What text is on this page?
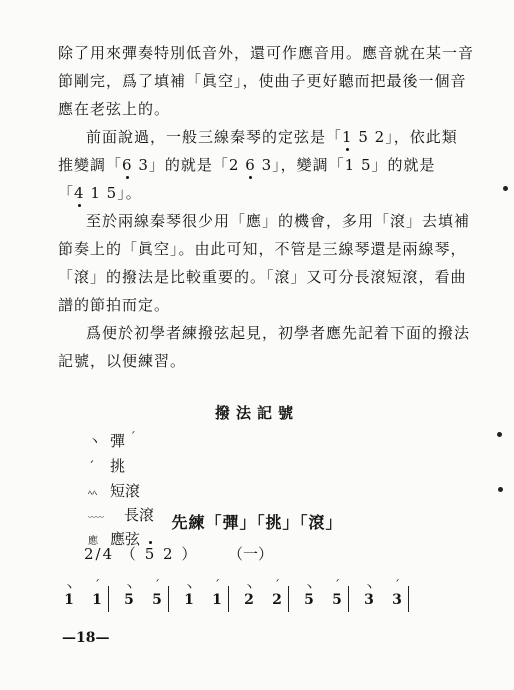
除了用來彈奏特別低音外，還可作應音用。應音就在某一音
節剛完，爲了填補「眞空」，使曲子更好聽而把最後一個音
應在老弦上的。
前面說過，一般三線秦琴的定弦是「1 5 2」，依此類
推變調「6 3」的就是「2 6 3」，變調「1 5」的就是
「4 1 5」。
至於兩線秦琴很少用「應」的機會，多用「滾」去填補
節奏上的「眞空」。由此可知，不管是三線琴還是兩線琴，
「滾」的撥法是比較重要的。「滾」又可分長滾短滾，看曲
譜的節拍而定。
爲便於初學者練撥弦起見，初學者應先記着下面的撥法
記號，以便練習。
撥法記號
丶 彈 $^ˊ$
ˊ 挑
ﾍﾍ 短滾
〰〰 長滾
應 應弦
先練「彈」「挑」「滾」
2/4 （ 5 2 ） （一）
丶
1
ˊ
1
丶
5
ˊ
5
丶
1
ˊ
1
丶
2
ˊ
2
丶
5
ˊ
5
丶
3
ˊ
3
—18—
